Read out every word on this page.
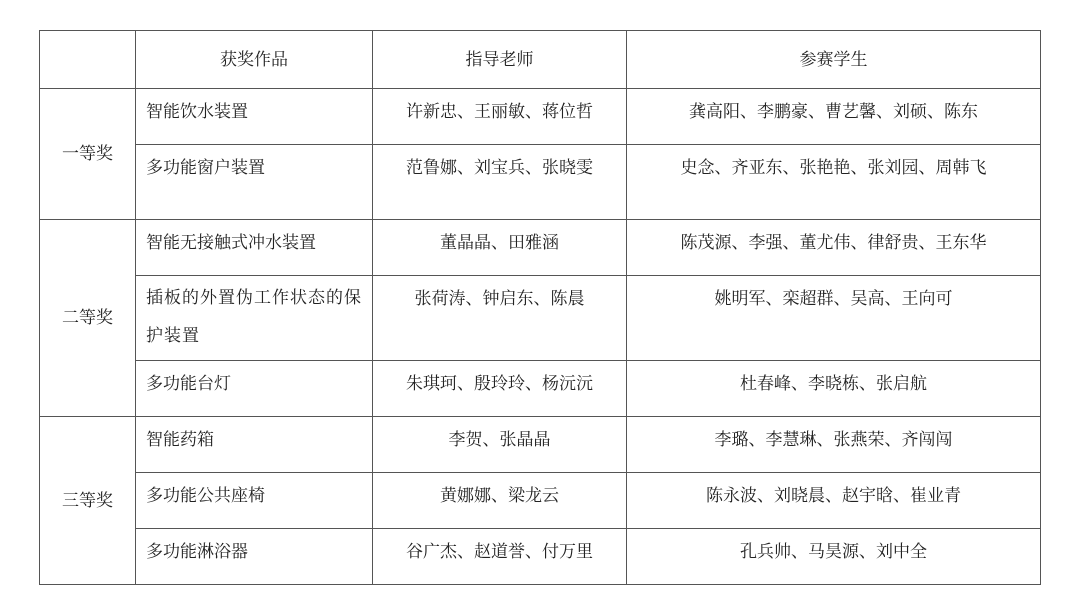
	获奖作品	指导老师	参赛学生
一等奖	智能饮水装置	许新忠、王丽敏、蒋位哲	龚高阳、李鹏豪、曹艺馨、刘硕、陈东
	多功能窗户装置	范鲁娜、刘宝兵、张晓雯	史念、齐亚东、张艳艳、张刘园、周韩飞
二等奖	智能无接触式冲水装置	董晶晶、田雅涵	陈茂源、李强、董尤伟、律舒贵、王东华
	插板的外置伪工作状态的保护装置	张荷涛、钟启东、陈晨	姚明军、栾超群、吴高、王向可
	多功能台灯	朱琪珂、殷玲玲、杨沅沅	杜春峰、李晓栋、张启航
三等奖	智能药箱	李贺、张晶晶	李璐、李慧琳、张燕荣、齐闯闯
	多功能公共座椅	黄娜娜、梁龙云	陈永波、刘晓晨、赵宇晗、崔业青
	多功能淋浴器	谷广杰、赵道誉、付万里	孔兵帅、马昊源、刘中全
